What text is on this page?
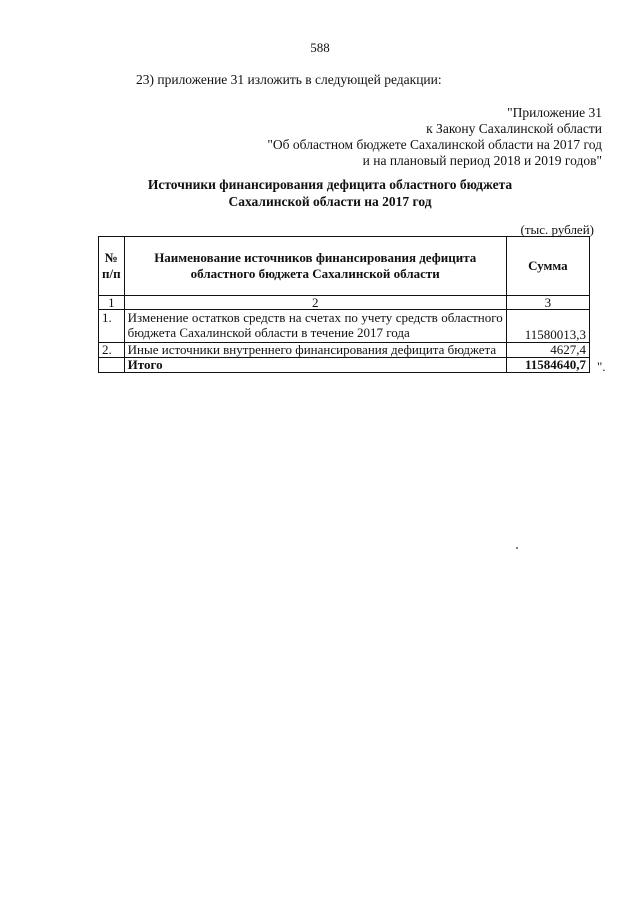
588
23) приложение 31 изложить в следующей редакции:
"Приложение 31
к Закону Сахалинской области
"Об областном бюджете Сахалинской области на 2017 год
и на плановый период 2018 и 2019 годов"
Источники финансирования дефицита областного бюджета
Сахалинской области на 2017 год
(тыс. рублей)
№
п/п	Наименование источников финансирования дефицита областного бюджета Сахалинской области	Сумма
1	2	3
1.	Изменение остатков средств на счетах по учету средств областного бюджета Сахалинской области в течение 2017 года	11580013,3
2.	Иные источники внутреннего финансирования дефицита бюджета	4627,4
	Итого	11584640,7 ".
